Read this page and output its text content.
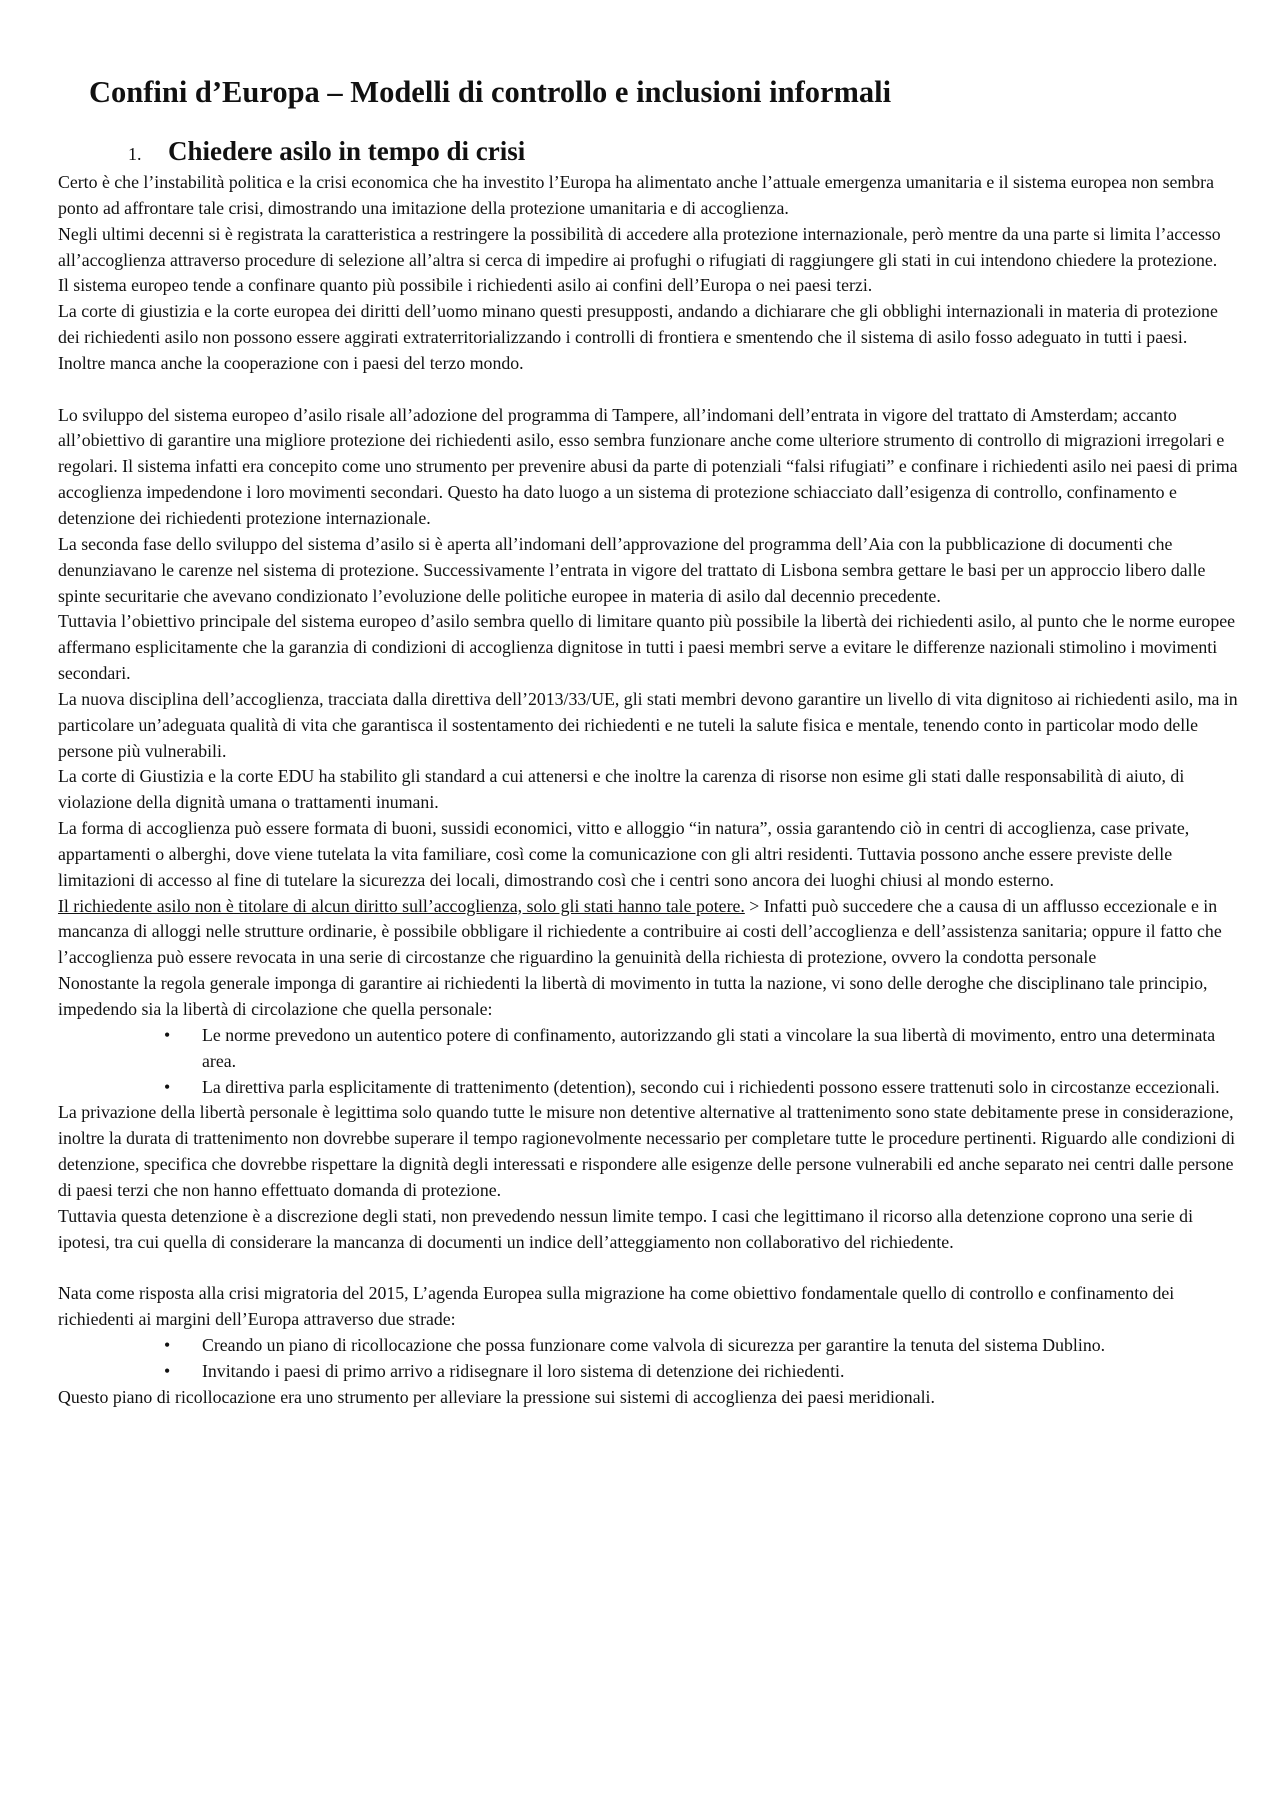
Confini d’Europa – Modelli di controllo e inclusioni informali
1. Chiedere asilo in tempo di crisi

Certo è che l’instabilità politica e la crisi economica che ha investito l’Europa ha alimentato anche l’attuale emergenza umanitaria e il sistema europea non sembra ponto ad affrontare tale crisi, dimostrando una imitazione della protezione umanitaria e di accoglienza.

Negli ultimi decenni si è registrata la caratteristica a restringere la possibilità di accedere alla protezione internazionale, però mentre da una parte si limita l’accesso all’accoglienza attraverso procedure di selezione all’altra si cerca di impedire ai profughi o rifugiati di raggiungere gli stati in cui intendono chiedere la protezione.

Il sistema europeo tende a confinare quanto più possibile i richiedenti asilo ai confini dell’Europa o nei paesi terzi.

La corte di giustizia e la corte europea dei diritti dell’uomo minano questi presupposti, andando a dichiarare che gli obblighi internazionali in materia di protezione dei richiedenti asilo non possono essere aggirati extraterritorializzando i controlli di frontiera e smentendo che il sistema di asilo fosso adeguato in tutti i paesi.

Inoltre manca anche la cooperazione con i paesi del terzo mondo.

Lo sviluppo del sistema europeo d’asilo risale all’adozione del programma di Tampere, all’indomani dell’entrata in vigore del trattato di Amsterdam; accanto all’obiettivo di garantire una migliore protezione dei richiedenti asilo, esso sembra funzionare anche come ulteriore strumento di controllo di migrazioni irregolari e regolari. Il sistema infatti era concepito come uno strumento per prevenire abusi da parte di potenziali “falsi rifugiati” e confinare i richiedenti asilo nei paesi di prima accoglienza impedendone i loro movimenti secondari. Questo ha dato luogo a un sistema di protezione schiacciato dall’esigenza di controllo, confinamento e detenzione dei richiedenti protezione internazionale.

La seconda fase dello sviluppo del sistema d’asilo si è aperta all’indomani dell’approvazione del programma dell’Aia con la pubblicazione di documenti che denunziavano le carenze nel sistema di protezione. Successivamente l’entrata in vigore del trattato di Lisbona sembra gettare le basi per un approccio libero dalle spinte securitarie che avevano condizionato l’evoluzione delle politiche europee in materia di asilo dal decennio precedente.

Tuttavia l’obiettivo principale del sistema europeo d’asilo sembra quello di limitare quanto più possibile la libertà dei richiedenti asilo, al punto che le norme europee affermano esplicitamente che la garanzia di condizioni di accoglienza dignitose in tutti i paesi membri serve a evitare le differenze nazionali stimolino i movimenti secondari.

La nuova disciplina dell’accoglienza, tracciata dalla direttiva dell’2013/33/UE, gli stati membri devono garantire un livello di vita dignitoso ai richiedenti asilo, ma in particolare un’adeguata qualità di vita che garantisca il sostentamento dei richiedenti e ne tuteli la salute fisica e mentale, tenendo conto in particolar modo delle persone più vulnerabili.

La corte di Giustizia e la corte EDU ha stabilito gli standard a cui attenersi e che inoltre la carenza di risorse non esime gli stati dalle responsabilità di aiuto, di violazione della dignità umana o trattamenti inumani.

La forma di accoglienza può essere formata di buoni, sussidi economici, vitto e alloggio “in natura”, ossia garantendo ciò in centri di accoglienza, case private, appartamenti o alberghi, dove viene tutelata la vita familiare, così come la comunicazione con gli altri residenti. Tuttavia possono anche essere previste delle limitazioni di accesso al fine di tutelare la sicurezza dei locali, dimostrando così che i centri sono ancora dei luoghi chiusi al mondo esterno.

Il richiedente asilo non è titolare di alcun diritto sull’accoglienza, solo gli stati hanno tale potere. > Infatti può succedere che a causa di un afflusso eccezionale e in mancanza di alloggi nelle strutture ordinarie, è possibile obbligare il richiedente a contribuire ai costi dell’accoglienza e dell’assistenza sanitaria; oppure il fatto che l’accoglienza può essere revocata in una serie di circostanze che riguardino la genuinità della richiesta di protezione, ovvero la condotta personale

Nonostante la regola generale imponga di garantire ai richiedenti la libertà di movimento in tutta la nazione, vi sono delle deroghe che disciplinano tale principio, impedendo sia la libertà di circolazione che quella personale:

• Le norme prevedono un autentico potere di confinamento, autorizzando gli stati a vincolare la sua libertà di movimento, entro una determinata area.
• La direttiva parla esplicitamente di trattenimento (detention), secondo cui i richiedenti possono essere trattenuti solo in circostanze eccezionali.

La privazione della libertà personale è legittima solo quando tutte le misure non detentive alternative al trattenimento sono state debitamente prese in considerazione, inoltre la durata di trattenimento non dovrebbe superare il tempo ragionevolmente necessario per completare tutte le procedure pertinenti. Riguardo alle condizioni di detenzione, specifica che dovrebbe rispettare la dignità degli interessati e rispondere alle esigenze delle persone vulnerabili ed anche separato nei centri dalle persone di paesi terzi che non hanno effettuato domanda di protezione.

Tuttavia questa detenzione è a discrezione degli stati, non prevedendo nessun limite tempo. I casi che legittimano il ricorso alla detenzione coprono una serie di ipotesi, tra cui quella di considerare la mancanza di documenti un indice dell’atteggiamento non collaborativo del richiedente.

Nata come risposta alla crisi migratoria del 2015, L’agenda Europea sulla migrazione ha come obiettivo fondamentale quello di controllo e confinamento dei richiedenti ai margini dell’Europa attraverso due strade:

• Creando un piano di ricollocazione che possa funzionare come valvola di sicurezza per garantire la tenuta del sistema Dublino.
• Invitando i paesi di primo arrivo a ridisegnare il loro sistema di detenzione dei richiedenti.

Questo piano di ricollocazione era uno strumento per alleviare la pressione sui sistemi di accoglienza dei paesi meridionali.
